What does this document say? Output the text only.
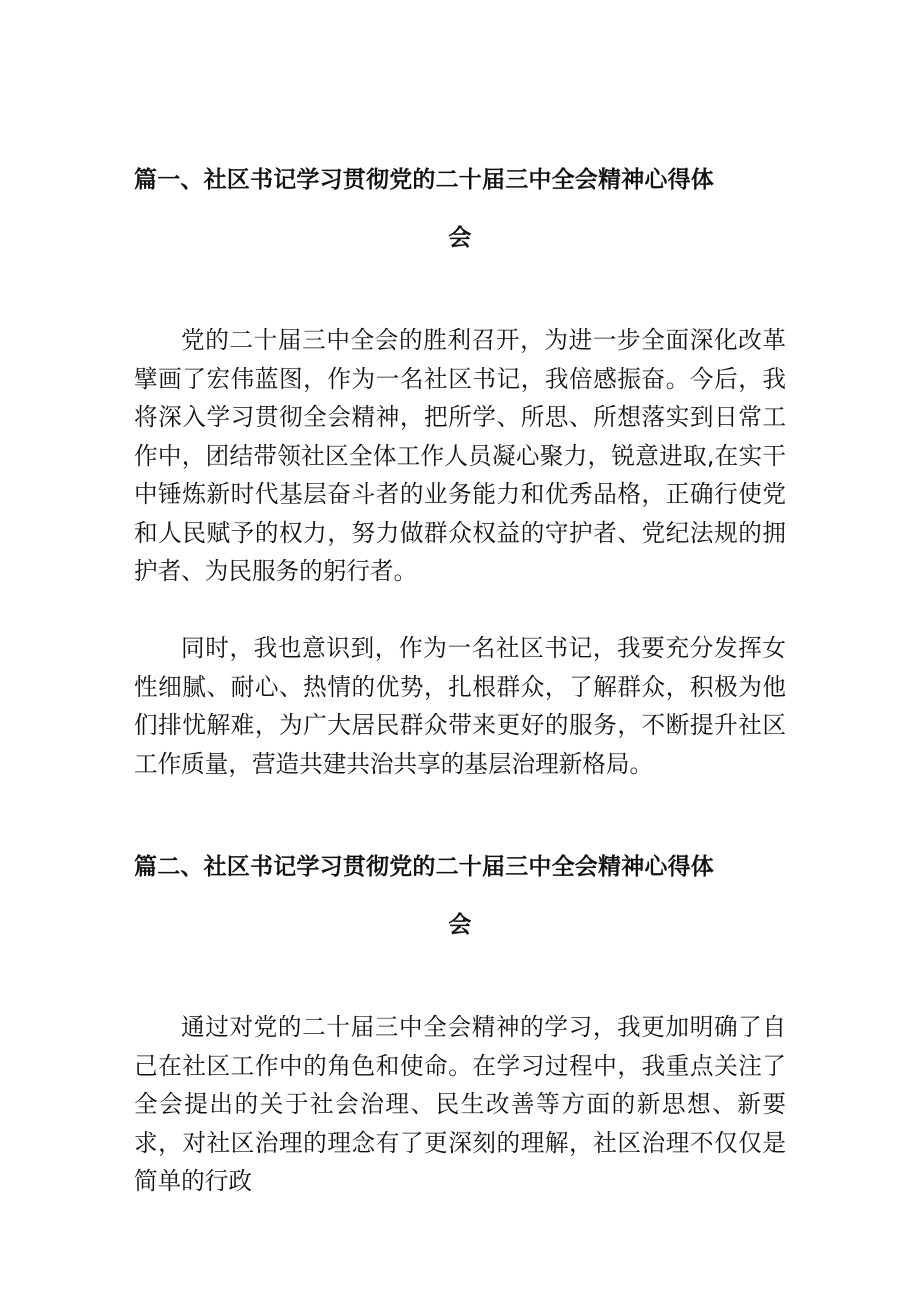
篇一、社区书记学习贯彻党的二十届三中全会精神心得体
会

党的二十届三中全会的胜利召开，为进一步全面深化改革擘画了宏伟蓝图，作为一名社区书记，我倍感振奋。今后，我将深入学习贯彻全会精神，把所学、所思、所想落实到日常工作中，团结带领社区全体工作人员凝心聚力，锐意进取,在实干中锤炼新时代基层奋斗者的业务能力和优秀品格，正确行使党和人民赋予的权力，努力做群众权益的守护者、党纪法规的拥护者、为民服务的躬行者。

同时，我也意识到，作为一名社区书记，我要充分发挥女性细腻、耐心、热情的优势，扎根群众，了解群众，积极为他们排忧解难，为广大居民群众带来更好的服务，不断提升社区工作质量，营造共建共治共享的基层治理新格局。

篇二、社区书记学习贯彻党的二十届三中全会精神心得体
会

通过对党的二十届三中全会精神的学习，我更加明确了自己在社区工作中的角色和使命。在学习过程中，我重点关注了全会提出的关于社会治理、民生改善等方面的新思想、新要求，对社区治理的理念有了更深刻的理解，社区治理不仅仅是简单的行政
